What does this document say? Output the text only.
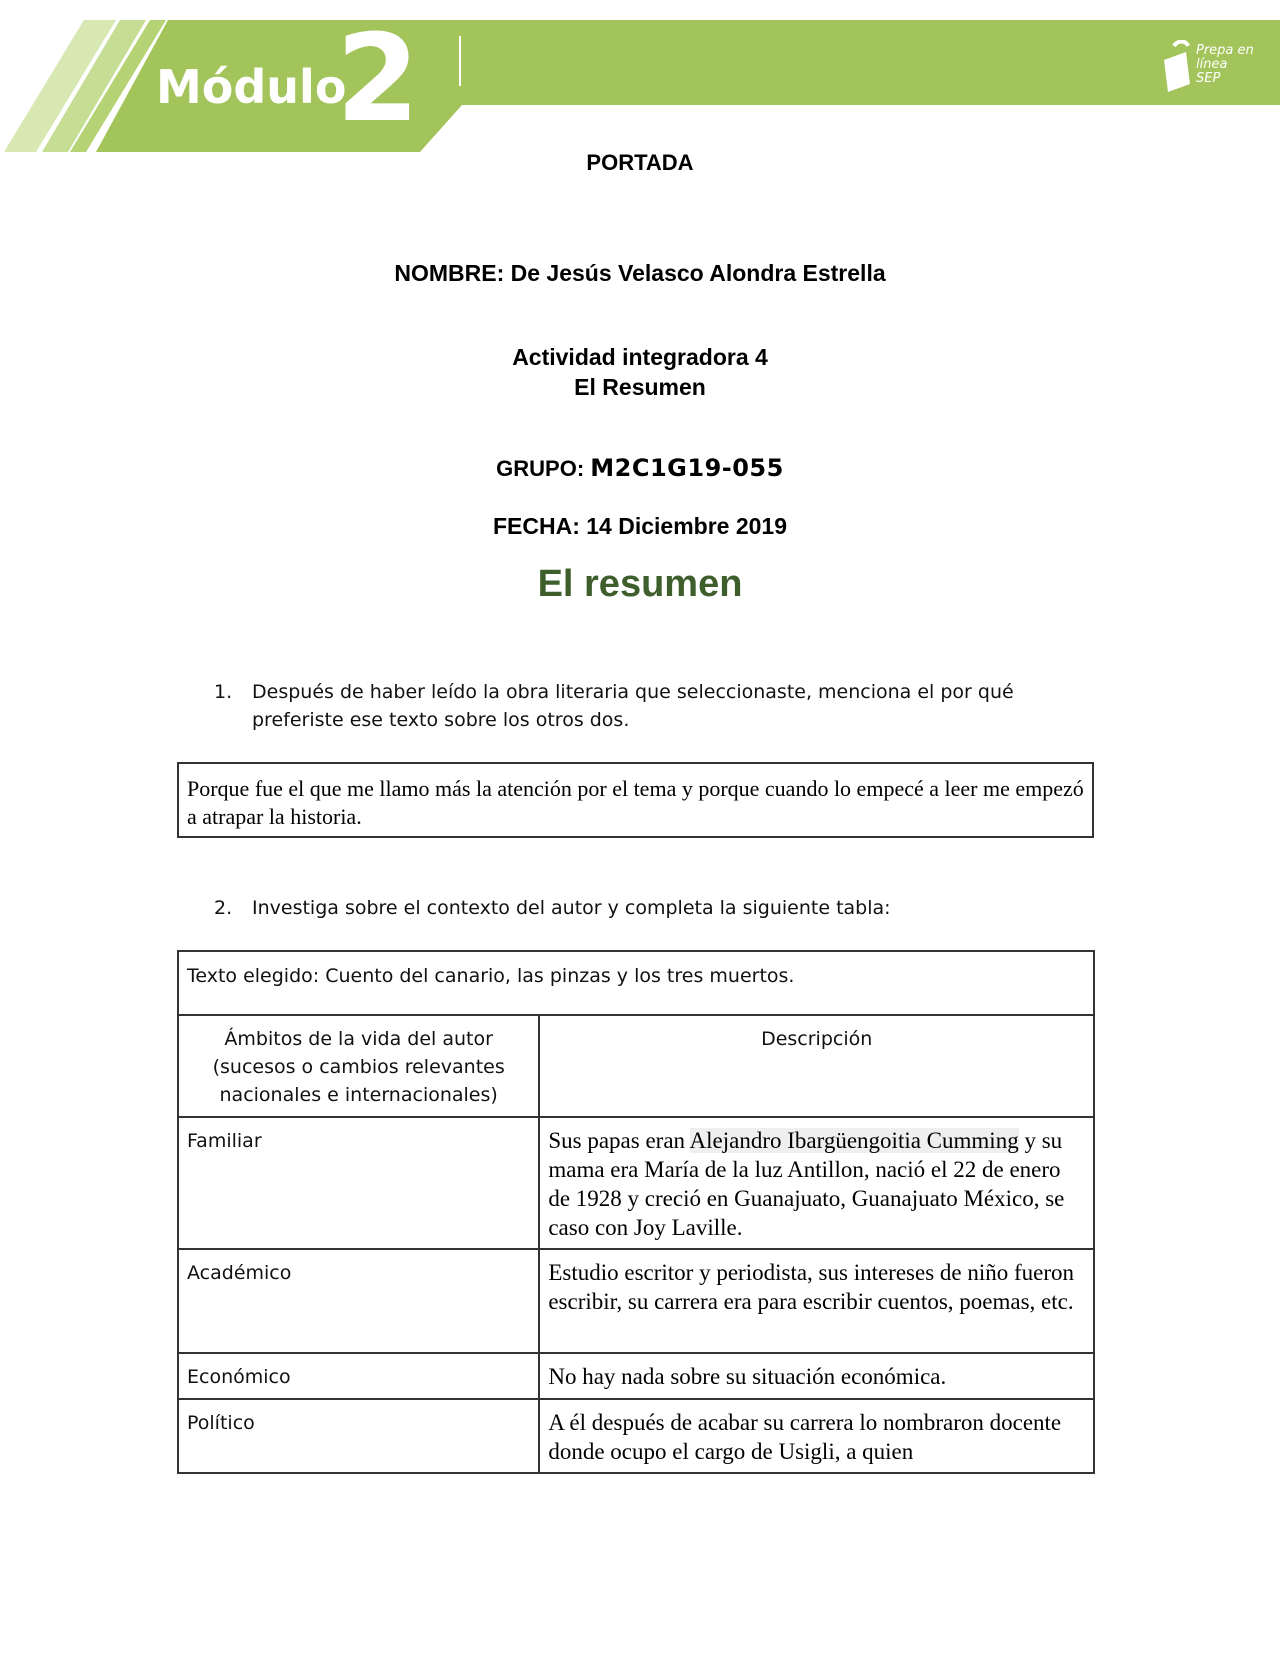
Módulo
2	Prepa en
línea
SEP
PORTADA
NOMBRE: De Jesús Velasco Alondra Estrella
Actividad integradora 4
El Resumen
GRUPO: M2C1G19-055
FECHA: 14 Diciembre 2019
El resumen
1. Después de haber leído la obra literaria que seleccionaste, menciona el por qué preferiste ese texto sobre los otros dos.
Porque fue el que me llamo más la atención por el tema y porque cuando lo empecé a leer me empezó a atrapar la historia.
2. Investiga sobre el contexto del autor y completa la siguiente tabla:
Texto elegido: Cuento del canario, las pinzas y los tres muertos.	
Ámbitos de la vida del autor (sucesos o cambios relevantes nacionales e internacionales)	Descripción
Familiar	Sus papas eran Alejandro Ibargüengoitia Cumming y su mama era María de la luz Antillon, nació el 22 de enero de 1928 y creció en Guanajuato, Guanajuato México, se caso con Joy Laville.
Académico	Estudio escritor y periodista, sus intereses de niño fueron escribir, su carrera era para escribir cuentos, poemas, etc.
Económico	No hay nada sobre su situación económica.
Político	A él después de acabar su carrera lo nombraron docente donde ocupo el cargo de Usigli, a quien
